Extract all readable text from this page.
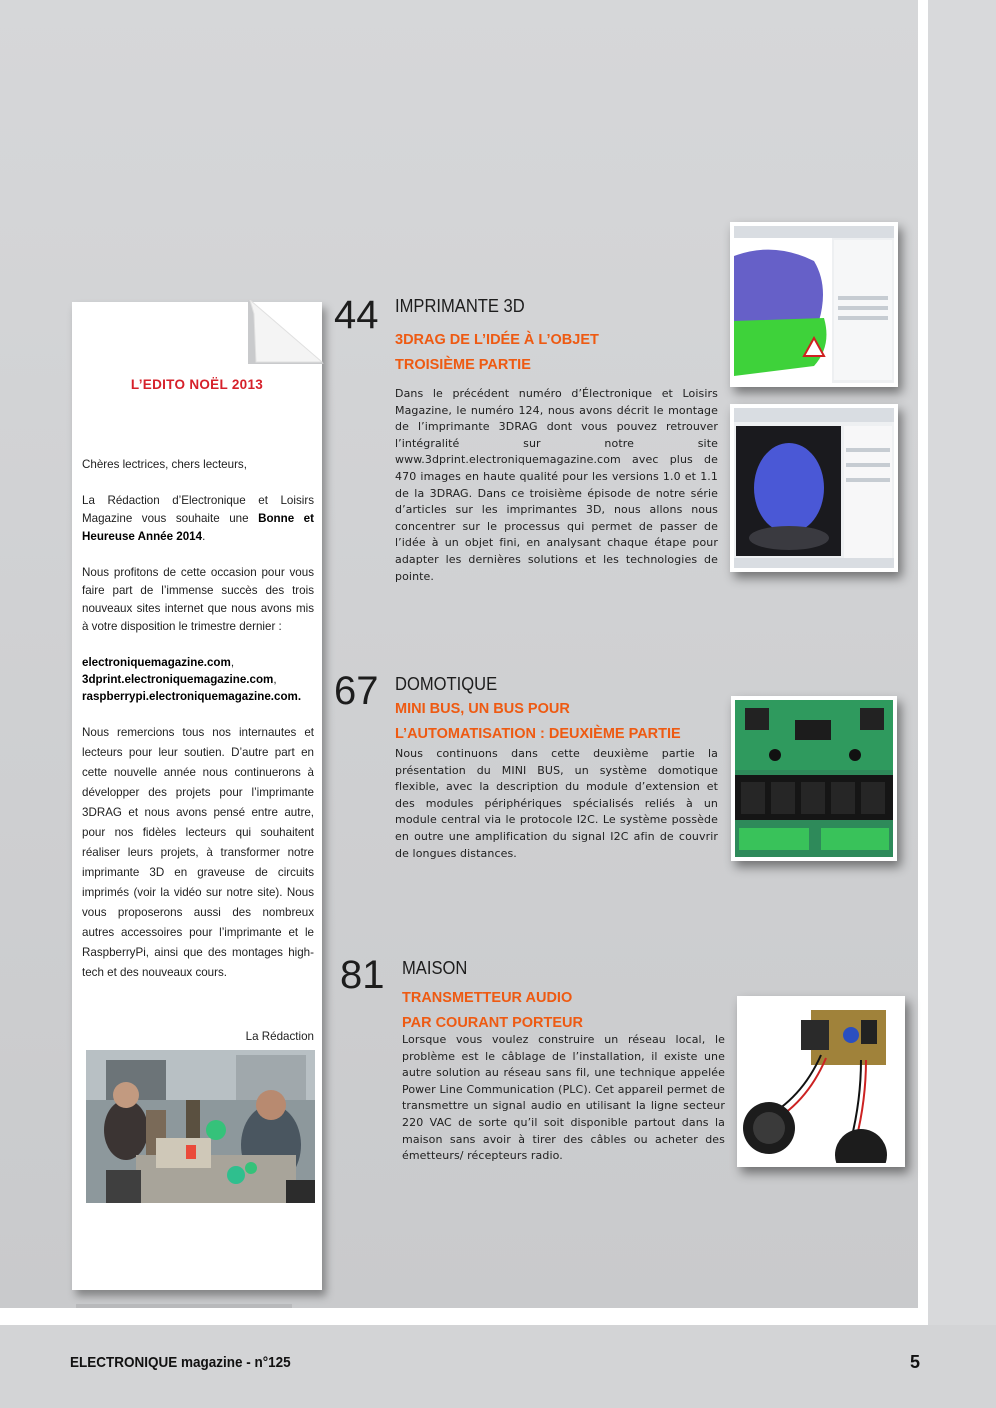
L’EDITO NOËL 2013

Chères lectrices, chers lecteurs,

La Rédaction d’Electronique et Loisirs Magazine vous souhaite une Bonne et Heureuse Année 2014.

Nous profitons de cette occasion pour vous faire part de l’immense succès des trois nouveaux sites internet que nous avons mis à votre disposition le trimestre dernier :

electroniquemagazine.com,
3dprint.electroniquemagazine.com,
raspberrypi.electroniquemagazine.com.

Nous remercions tous nos internautes et lecteurs pour leur soutien. D’autre part en cette nouvelle année nous continuerons à développer des projets pour l’imprimante 3DRAG et nous avons pensé entre autre, pour nos fidèles lecteurs qui souhaitent réaliser leurs projets, à transformer notre imprimante 3D en graveuse de circuits imprimés (voir la vidéo sur notre site). Nous vous proposerons aussi des nombreux autres accessoires pour l’imprimante et le RaspberryPi, ainsi que des montages high-tech et des nouveaux cours.

La Rédaction
44 IMPRIMANTE 3D
3DRAG DE L’IDÉE À L’OBJET
TROISIÈME PARTIE
Dans le précédent numéro d’Électronique et Loisirs Magazine, le numéro 124, nous avons décrit le montage de l’imprimante 3DRAG dont vous pouvez retrouver l’intégralité sur notre site www.3dprint.electroniquemagazine.com avec plus de 470 images en haute qualité pour les versions 1.0 et 1.1 de la 3DRAG. Dans ce troisième épisode de notre série d’articles sur les imprimantes 3D, nous allons nous concentrer sur le processus qui permet de passer de l’idée à un objet fini, en analysant chaque étape pour adapter les dernières solutions et les technologies de pointe.
67 DOMOTIQUE
MINI BUS, UN BUS POUR
L’AUTOMATISATION : DEUXIÈME PARTIE
Nous continuons dans cette deuxième partie la présentation du MINI BUS, un système domotique flexible, avec la description du module d’extension et des modules périphériques spécialisés reliés à un module central via le protocole I2C. Le système possède en outre une amplification du signal I2C afin de couvrir de longues distances.
81 MAISON
TRANSMETTEUR AUDIO
PAR COURANT PORTEUR
Lorsque vous voulez construire un réseau local, le problème est le câblage de l’installation, il existe une autre solution au réseau sans fil, une technique appelée Power Line Communication (PLC). Cet appareil permet de transmettre un signal audio en utilisant la ligne secteur 220 VAC de sorte qu’il soit disponible partout dans la maison sans avoir à tirer des câbles ou acheter des émetteurs/ récepteurs radio.
ELECTRONIQUE magazine - n°125	5
